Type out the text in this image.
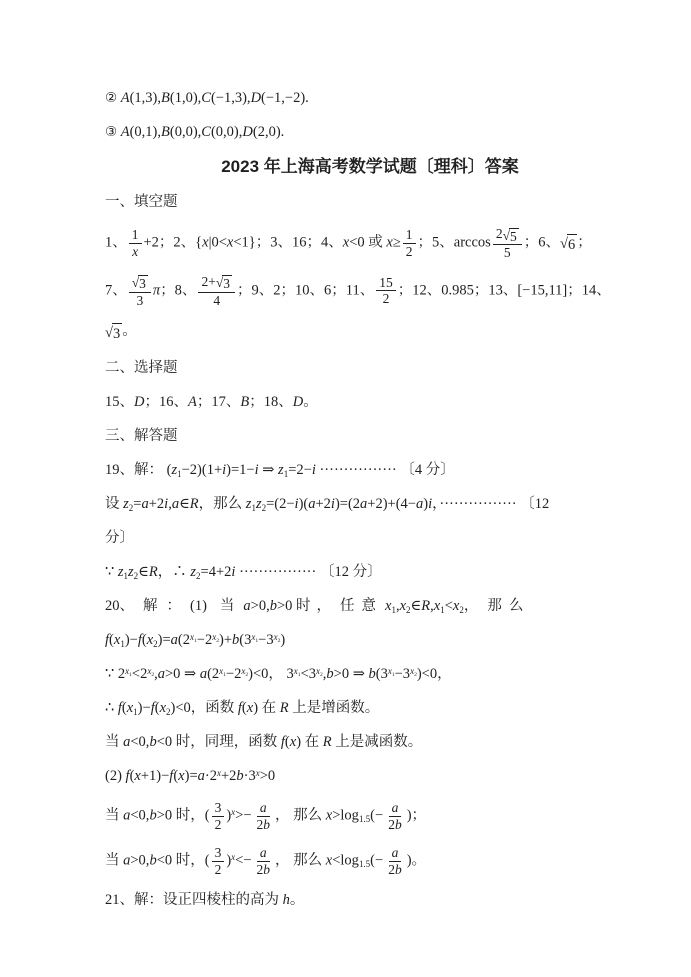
② A(1,3),B(1,0),C(−1,3),D(−1,−2).
③ A(0,1),B(0,0),C(0,0),D(2,0).
2023 年上海高考数学试题〔理科〕答案
一、填空题
1、 $\frac{1}{x} +2$；2、{x|0<x<1}；3、16；4、x<0 或 $x\ge \frac{1}{2}$ ；5、$\arccos \frac{2 √ 5}{5}$ ；6、 √ 6 ；
7、 $\frac{√ 3}{3}$ π；8、 $\frac{2+ √ 3}{4}$ ；9、2；10、6；11、 $\frac{15}{2}$ ；12、0.985；13、[−15,11]；14、
√ 3 。
二、选择题
15、D；16、A；17、B；18、D。
三、解答题
19、解： (z1−2)(1+i)=1−i ⇒ z1=2−i ················ 〔4 分〕
设 z2=a+2i,a∈R，那么 z1z2=(2−i)(a+2i)=(2a+2)+(4−a)i，················ 〔12
分〕
∵ z1z2∈R，∴ z2=4+2i ················ 〔12 分〕
20、 解 ： (1) 当 a>0,b>0 时 ， 任 意 x1,x2∈R,x1<x2， 那 么
$f(x1)-f(x2)=a(2^{x1}-2^{x2})+b(3^{x1}-3^{x2})$
∵ $2^{x1}<2^{x2},a>0$ ⇒ $a(2^{x1}-2^{x2})<0$， $3^{x1}<3^{x2},b>0$ ⇒ $b(3^{x1}-3^{x2})<0$，
∴ f(x1)−f(x2)<0，函数 f(x) 在 R 上是增函数。
当 a<0,b<0 时，同理，函数 f(x) 在 R 上是减函数。
(2) $f(x+1)-f(x)=a\cdot 2^x+2b\cdot 3^x>0$
当 a<0,b>0 时，( $\frac{3}{2} )^x>- \frac{a}{2b}$ ， 那么 $x>\log 1.5(- \frac{a}{2b}$ )；
当 a>0,b<0 时，( $\frac{3}{2} )^x<- \frac{a}{2b}$ ， 那么 $x<\log 1.5(- \frac{a}{2b}$ )。
21、解：设正四棱柱的高为 h。
